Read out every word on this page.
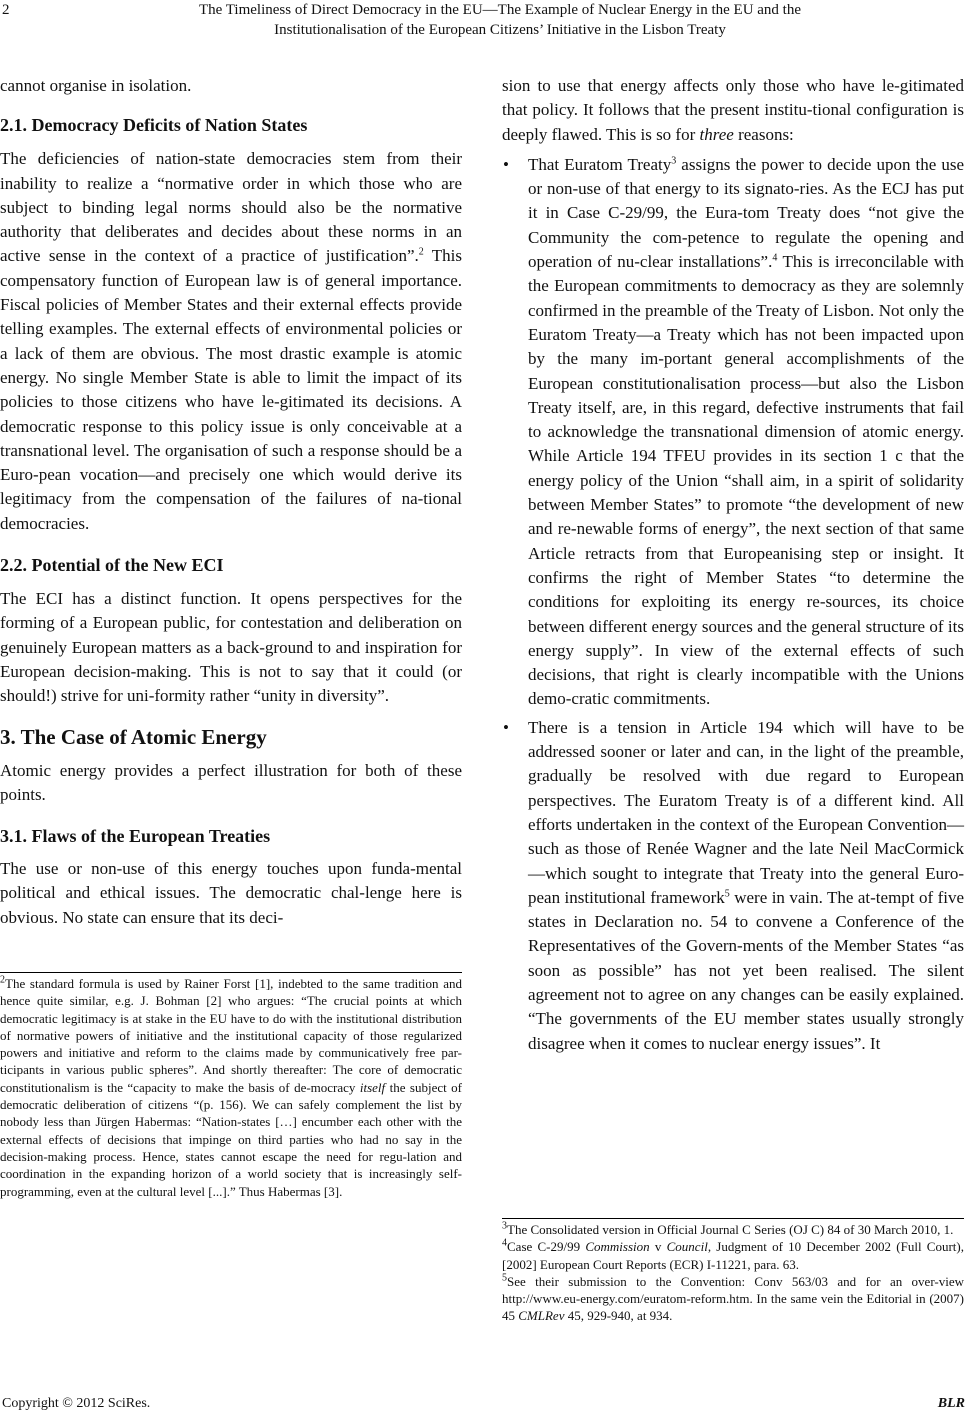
2	The Timeliness of Direct Democracy in the EU—The Example of Nuclear Energy in the EU and the
Institutionalisation of the European Citizens’ Initiative in the Lisbon Treaty

cannot organise in isolation.

2.1. Democracy Deficits of Nation States

The deficiencies of nation-state democracies stem from their inability to realize a “normative order in which those who are subject to binding legal norms should also be the normative authority that deliberates and decides about these norms in an active sense in the context of a practice of justification”.$^2$ This compensatory function of European law is of general importance. Fiscal policies of Member States and their external effects provide telling examples. The external effects of environmental policies or a lack of them are obvious. The most drastic example is atomic energy. No single Member State is able to limit the impact of its policies to those citizens who have le-gitimated its decisions. A democratic response to this policy issue is only conceivable at a transnational level. The organisation of such a response should be a Euro-pean vocation—and precisely one which would derive its legitimacy from the compensation of the failures of na-tional democracies.

2.2. Potential of the New ECI

The ECI has a distinct function. It opens perspectives for the forming of a European public, for contestation and deliberation on genuinely European matters as a back-ground to and inspiration for European decision-making. This is not to say that it could (or should!) strive for uni-formity rather “unity in diversity”.

3. The Case of Atomic Energy

Atomic energy provides a perfect illustration for both of these points.

3.1. Flaws of the European Treaties

The use or non-use of this energy touches upon funda-mental political and ethical issues. The democratic chal-lenge here is obvious. No state can ensure that its deci-

$^2$The standard formula is used by Rainer Forst [1], indebted to the same tradition and hence quite similar, e.g. J. Bohman [2] who argues: “The crucial points at which democratic legitimacy is at stake in the EU have to do with the institutional distribution of normative powers of initiative and the institutional capacity of those regularized powers and initiative and reform to the claims made by communicatively free par-ticipants in various public spheres”. And shortly thereafter: The core of democratic constitutionalism is the “capacity to make the basis of de-mocracy itself the subject of democratic deliberation of citizens “(p. 156). We can safely complement the list by nobody less than Jürgen Habermas: “Nation-states […] encumber each other with the external effects of decisions that impinge on third parties who had no say in the decision-making process. Hence, states cannot escape the need for regu-lation and coordination in the expanding horizon of a world society that is increasingly self-programming, even at the cultural level [...].” Thus Habermas [3].

sion to use that energy affects only those who have le-gitimated that policy. It follows that the present institu-tional configuration is deeply flawed. This is so for three reasons:

• That Euratom Treaty$^3$ assigns the power to decide upon the use or non-use of that energy to its signato-ries. As the ECJ has put it in Case C-29/99, the Eura-tom Treaty does “not give the Community the com-petence to regulate the opening and operation of nu-clear installations”.$^4$ This is irreconcilable with the European commitments to democracy as they are solemnly confirmed in the preamble of the Treaty of Lisbon. Not only the Euratom Treaty—a Treaty which has not been impacted upon by the many im-portant general accomplishments of the European constitutionalisation process—but also the Lisbon Treaty itself, are, in this regard, defective instruments that fail to acknowledge the transnational dimension of atomic energy. While Article 194 TFEU provides in its section 1 c that the energy policy of the Union “shall aim, in a spirit of solidarity between Member States” to promote “the development of new and re-newable forms of energy”, the next section of that same Article retracts from that Europeanising step or insight. It confirms the right of Member States “to determine the conditions for exploiting its energy re-sources, its choice between different energy sources and the general structure of its energy supply”. In view of the external effects of such decisions, that right is clearly incompatible with the Unions demo-cratic commitments.
• There is a tension in Article 194 which will have to be addressed sooner or later and can, in the light of the preamble, gradually be resolved with due regard to European perspectives. The Euratom Treaty is of a different kind. All efforts undertaken in the context of the European Convention—such as those of Renée Wagner and the late Neil MacCormick—which sought to integrate that Treaty into the general Euro-pean institutional framework$^5$ were in vain. The at-tempt of five states in Declaration no. 54 to convene a Conference of the Representatives of the Govern-ments of the Member States “as soon as possible” has not yet been realised. The silent agreement not to agree on any changes can be easily explained. “The governments of the EU member states usually strongly disagree when it comes to nuclear energy issues”. It

$^3$The Consolidated version in Official Journal C Series (OJ C) 84 of 30 March 2010, 1.

$^4$Case C-29/99 Commission v Council, Judgment of 10 December 2002 (Full Court), [2002] European Court Reports (ECR) I-11221, para. 63.

$^5$See their submission to the Convention: Conv 563/03 and for an over-view http://www.eu-energy.com/euratom-reform.htm. In the same vein the Editorial in (2007) 45 CMLRev 45, 929-940, at 934.

Copyright © 2012 SciRes.	BLR
